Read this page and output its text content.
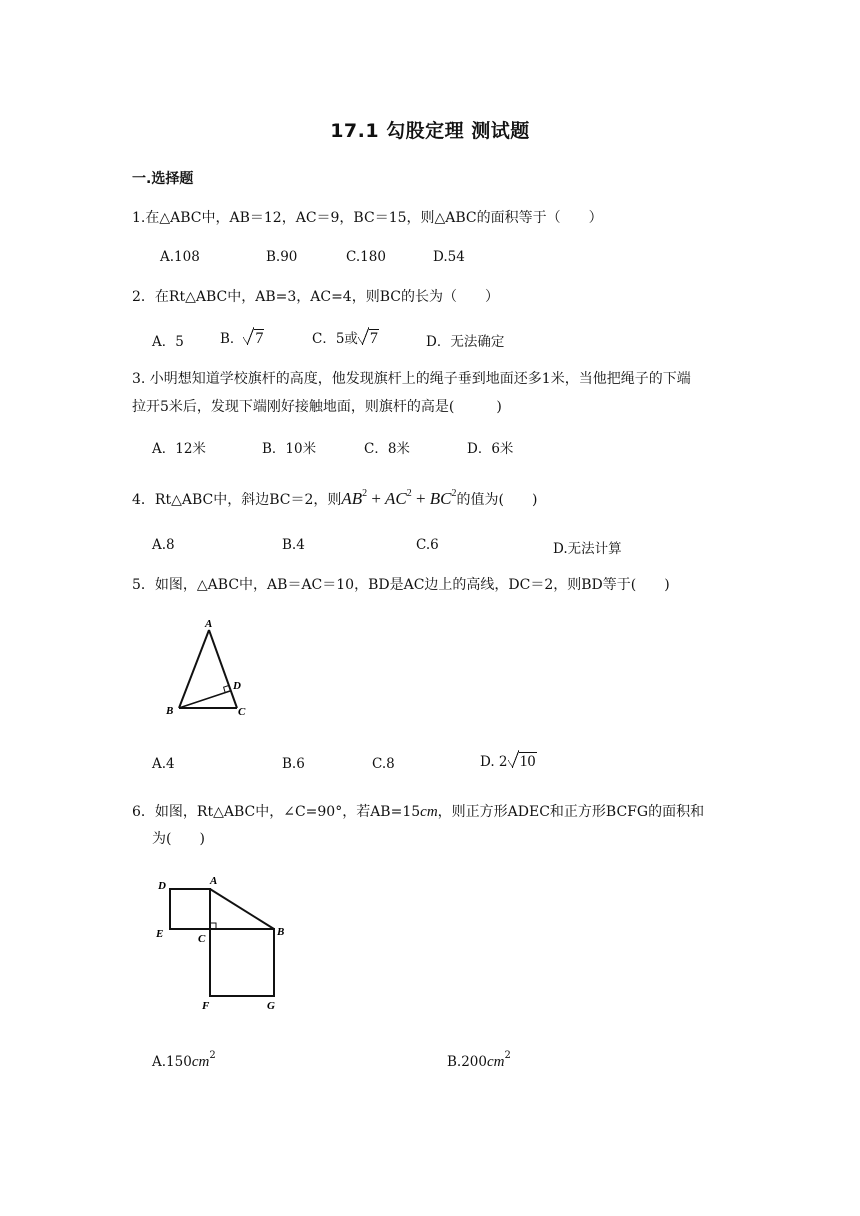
17.1 勾股定理 测试题
一.选择题
1.在△ABC中，AB＝12，AC＝9，BC＝15，则△ABC的面积等于（　　）
A.108	B.90	C.180	D.54
2．在Rt△ABC中，AB=3，AC=4，则BC的长为（　　）
A．5	B． 7	C．5或 7	D．无法确定
3. 小明想知道学校旗杆的高度，他发现旗杆上的绳子垂到地面还多1米，当他把绳子的下端
拉开5米后，发现下端刚好接触地面，则旗杆的高是(　　　)
A．12米	B．10米	C．8米	D．6米
4．Rt△ABC中，斜边BC＝2，则$AB^2 + AC^2 + BC^2$的值为(　　)
A.8	B.4	C.6	D.无法计算
5．如图，△ABC中，AB＝AC＝10，BD是AC边上的高线，DC＝2，则BD等于(　　)
A
D
B	C
A.4	B.6	C.8	D. 2 10
6．如图，Rt△ABC中，∠C=90°，若AB=15cm，则正方形ADEC和正方形BCFG的面积和
为(　　)
D	A
E	C
B
F	G
$A.150cm^2$	$B.200cm^2$
